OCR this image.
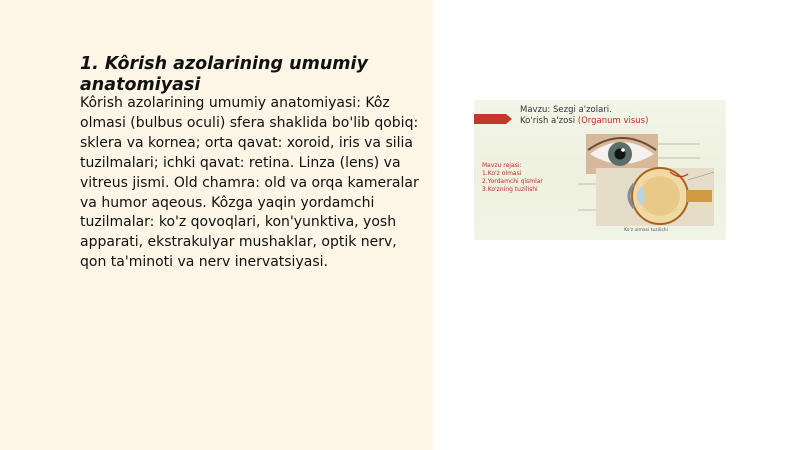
1. Kôrish azolarining umumiy anatomiyasi

Kôrish azolarining umumiy anatomiyasi: Kôz olmasi (bulbus oculi) sfera shaklida bo'lib qobiq: sklera va kornea; orta qavat: xoroid, iris va silia tuzilmalari; ichki qavat: retina. Linza (lens) va vitreus jismi. Old chamra: old va orqa kameralar va humor aqeous. Kôzga yaqin yordamchi tuzilmalar: ko'z qovoqlari, kon'yunktiva, yosh apparati, ekstrakulyar mushaklar, optik nerv, qon ta'minoti va nerv inervatsiyasi.

Mavzu: Sezgi a'zolari.

Ko'rish a'zosi (Organum visus)

Mavzu rejasi:

1.Ko'z olmasi

2.Yordamchi qismlar

3.Ko'zning tuzilishi

Ko'z olmasi tuzilishi
